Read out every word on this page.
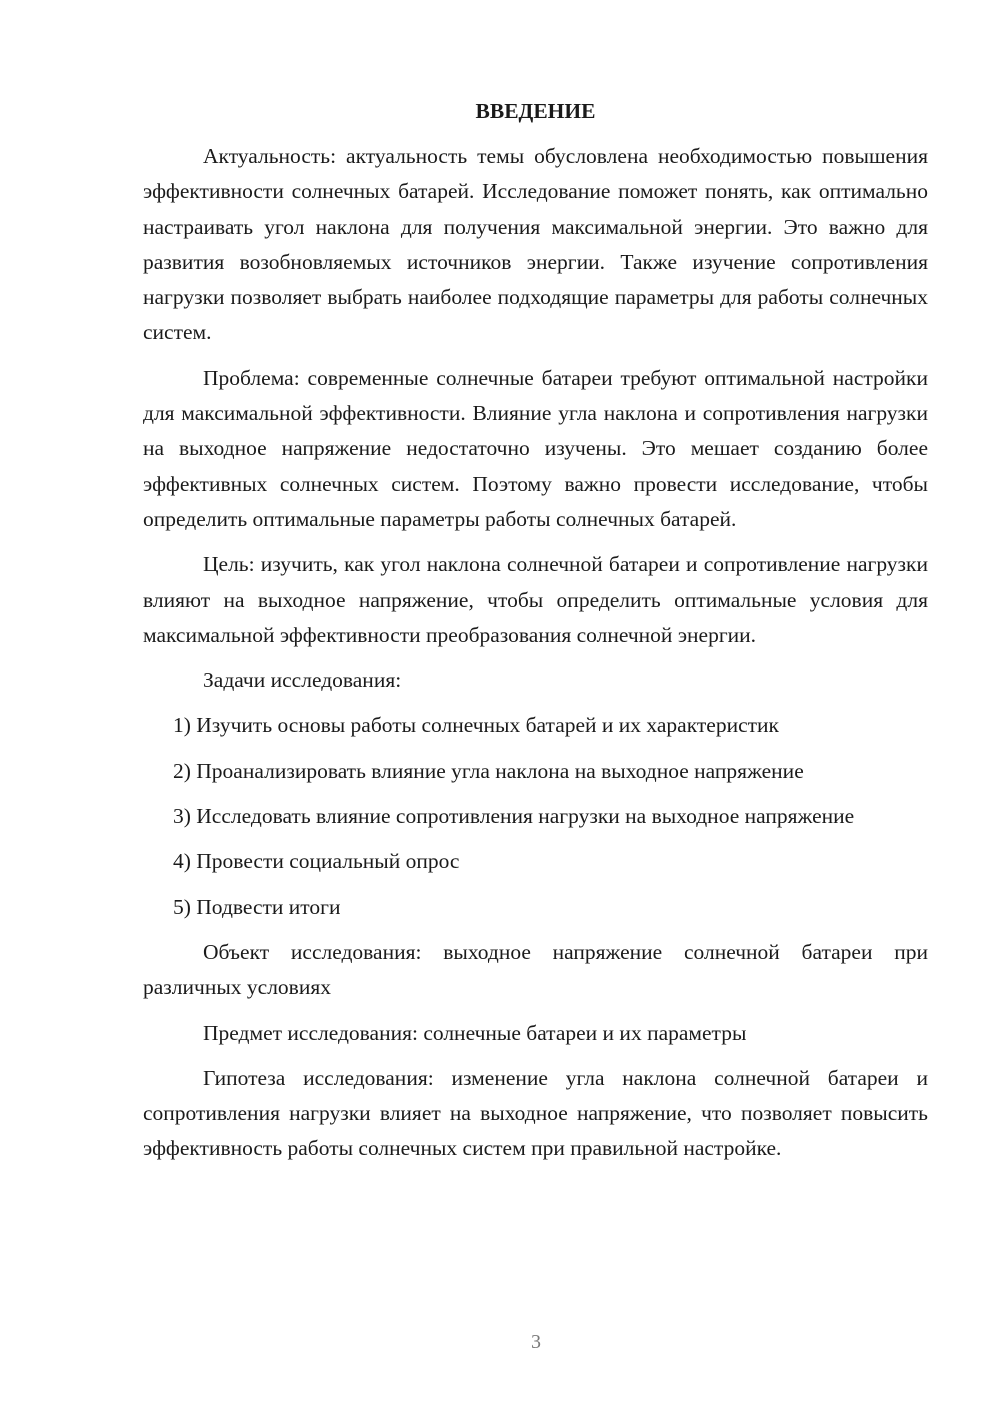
ВВЕДЕНИЕ

Актуальность: актуальность темы обусловлена необходимостью повышения эффективности солнечных батарей. Исследование поможет понять, как оптимально настраивать угол наклона для получения максимальной энергии. Это важно для развития возобновляемых источников энергии. Также изучение сопротивления нагрузки позволяет выбрать наиболее подходящие параметры для работы солнечных систем.

Проблема: современные солнечные батареи требуют оптимальной настройки для максимальной эффективности. Влияние угла наклона и сопротивления нагрузки на выходное напряжение недостаточно изучены. Это мешает созданию более эффективных солнечных систем. Поэтому важно провести исследование, чтобы определить оптимальные параметры работы солнечных батарей.

Цель: изучить, как угол наклона солнечной батареи и сопротивление нагрузки влияют на выходное напряжение, чтобы определить оптимальные условия для максимальной эффективности преобразования солнечной энергии.

Задачи исследования:

1) Изучить основы работы солнечных батарей и их характеристик

2) Проанализировать влияние угла наклона на выходное напряжение

3) Исследовать влияние сопротивления нагрузки на выходное напряжение

4) Провести социальный опрос

5) Подвести итоги

Объект исследования: выходное напряжение солнечной батареи при различных условиях

Предмет исследования: солнечные батареи и их параметры

Гипотеза исследования: изменение угла наклона солнечной батареи и сопротивления нагрузки влияет на выходное напряжение, что позволяет повысить эффективность работы солнечных систем при правильной настройке.

3
